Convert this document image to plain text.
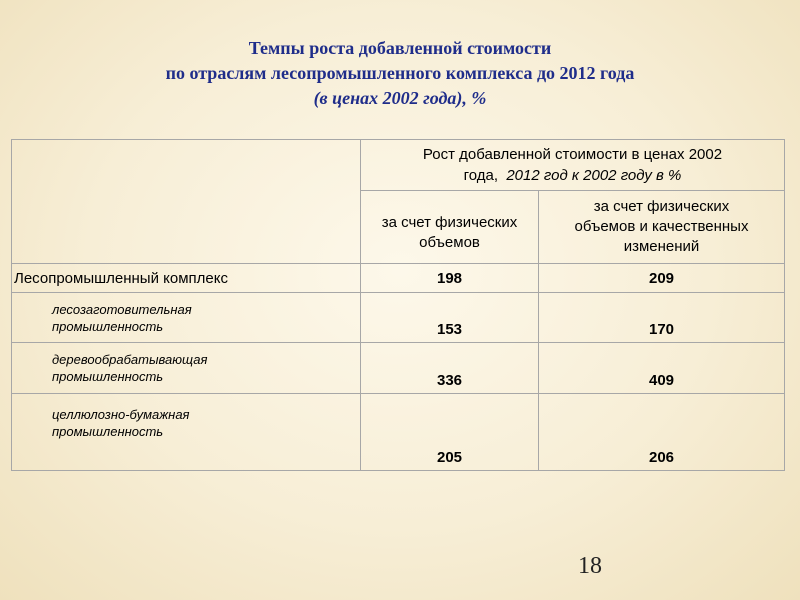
Темпы роста добавленной стоимости
по отраслям лесопромышленного комплекса до 2012 года
(в ценах 2002 года), %

	Рост добавленной стоимости в ценах 2002
года, 2012 год к 2002 году в %	

	за счет физических
объемов	за счет физических
объемов и качественных
изменений
Лесопромышленный комплекс	198	209
лесозаготовительная
промышленность	153	170
деревообрабатывающая
промышленность	336	409
целлюлозно-бумажная
промышленность	205	206
18
